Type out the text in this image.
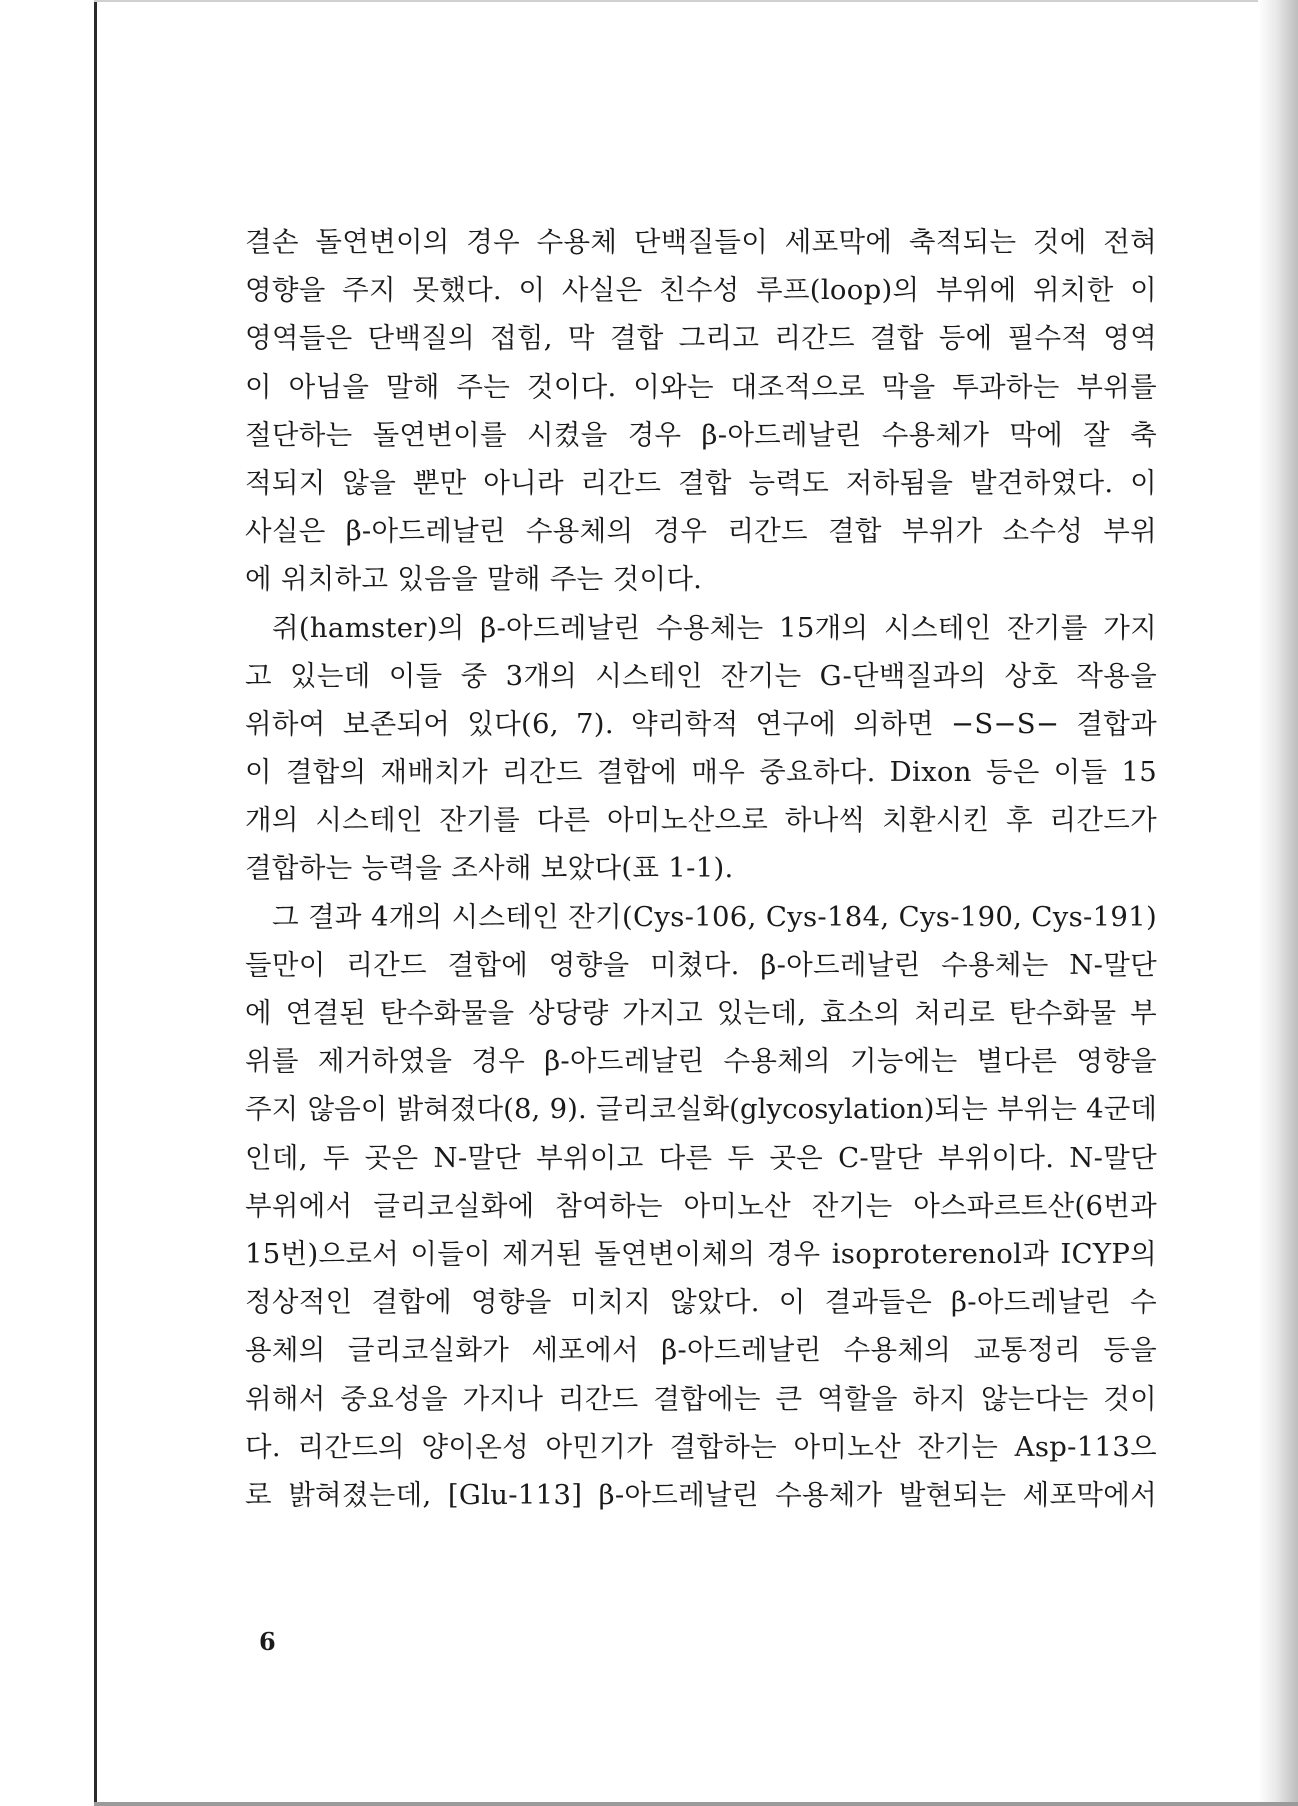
결손 돌연변이의 경우 수용체 단백질들이 세포막에 축적되는 것에 전혀
영향을 주지 못했다. 이 사실은 친수성 루프(loop)의 부위에 위치한 이
영역들은 단백질의 접힘, 막 결합 그리고 리간드 결합 등에 필수적 영역
이 아님을 말해 주는 것이다. 이와는 대조적으로 막을 투과하는 부위를
절단하는 돌연변이를 시켰을 경우 β-아드레날린 수용체가 막에 잘 축
적되지 않을 뿐만 아니라 리간드 결합 능력도 저하됨을 발견하였다. 이
사실은 β-아드레날린 수용체의 경우 리간드 결합 부위가 소수성 부위
에 위치하고 있음을 말해 주는 것이다.
쥐(hamster)의 β-아드레날린 수용체는 15개의 시스테인 잔기를 가지
고 있는데 이들 중 3개의 시스테인 잔기는 G-단백질과의 상호 작용을
위하여 보존되어 있다(6, 7). 약리학적 연구에 의하면 −S−S− 결합과
이 결합의 재배치가 리간드 결합에 매우 중요하다. Dixon 등은 이들 15
개의 시스테인 잔기를 다른 아미노산으로 하나씩 치환시킨 후 리간드가
결합하는 능력을 조사해 보았다(표 1-1).
그 결과 4개의 시스테인 잔기(Cys-106, Cys-184, Cys-190, Cys-191)
들만이 리간드 결합에 영향을 미쳤다. β-아드레날린 수용체는 N-말단
에 연결된 탄수화물을 상당량 가지고 있는데, 효소의 처리로 탄수화물 부
위를 제거하였을 경우 β-아드레날린 수용체의 기능에는 별다른 영향을
주지 않음이 밝혀졌다(8, 9). 글리코실화(glycosylation)되는 부위는 4군데
인데, 두 곳은 N-말단 부위이고 다른 두 곳은 C-말단 부위이다. N-말단
부위에서 글리코실화에 참여하는 아미노산 잔기는 아스파르트산(6번과
15번)으로서 이들이 제거된 돌연변이체의 경우 isoproterenol과 ICYP의
정상적인 결합에 영향을 미치지 않았다. 이 결과들은 β-아드레날린 수
용체의 글리코실화가 세포에서 β-아드레날린 수용체의 교통정리 등을
위해서 중요성을 가지나 리간드 결합에는 큰 역할을 하지 않는다는 것이
다. 리간드의 양이온성 아민기가 결합하는 아미노산 잔기는 Asp-113으
로 밝혀졌는데, [Glu-113] β-아드레날린 수용체가 발현되는 세포막에서
6
